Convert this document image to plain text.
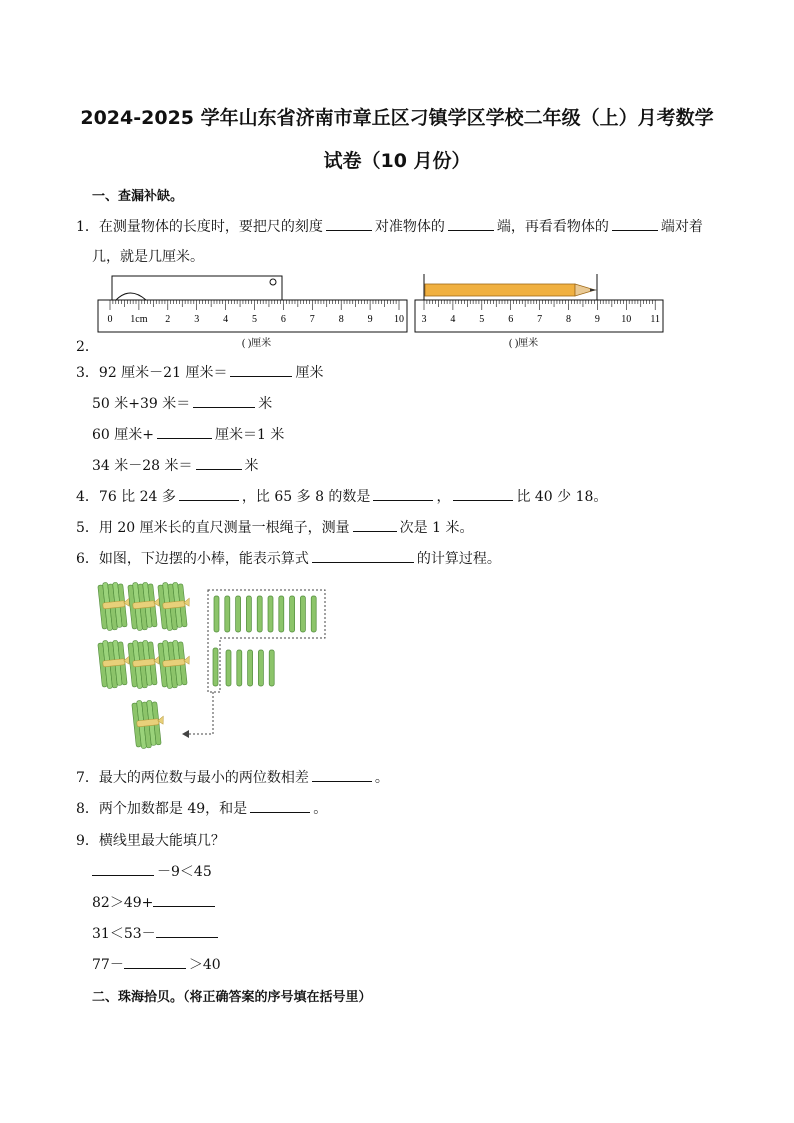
2024-2025 学年山东省济南市章丘区刁镇学区学校二年级（上）月考数学
试卷（10 月份）
一、查漏补缺。
1．在测量物体的长度时，要把尺的刻度	对准物体的	端，再看看物体的	端对着
几，就是几厘米。
2．
0 1cm 2 3 4 5 6 7 8 9 10 3 4 5 6 7 8 9 10 11
( )厘米	( )厘米
3．92 厘米－21 厘米＝	厘米
50 米+39 米＝	米
60 厘米+	厘米＝1 米
34 米－28 米＝	米
4．76 比 24 多	，比 65 多 8 的数是	，	比 40 少 18。
5．用 20 厘米长的直尺测量一根绳子，测量	次是 1 米。
6．如图，下边摆的小棒，能表示算式	的计算过程。
7．最大的两位数与最小的两位数相差	。
8．两个加数都是 49，和是	。
9．横线里最大能填几？
－9＜45
82＞49+
31＜53－
77－	＞40
二、珠海拾贝。（将正确答案的序号填在括号里）
